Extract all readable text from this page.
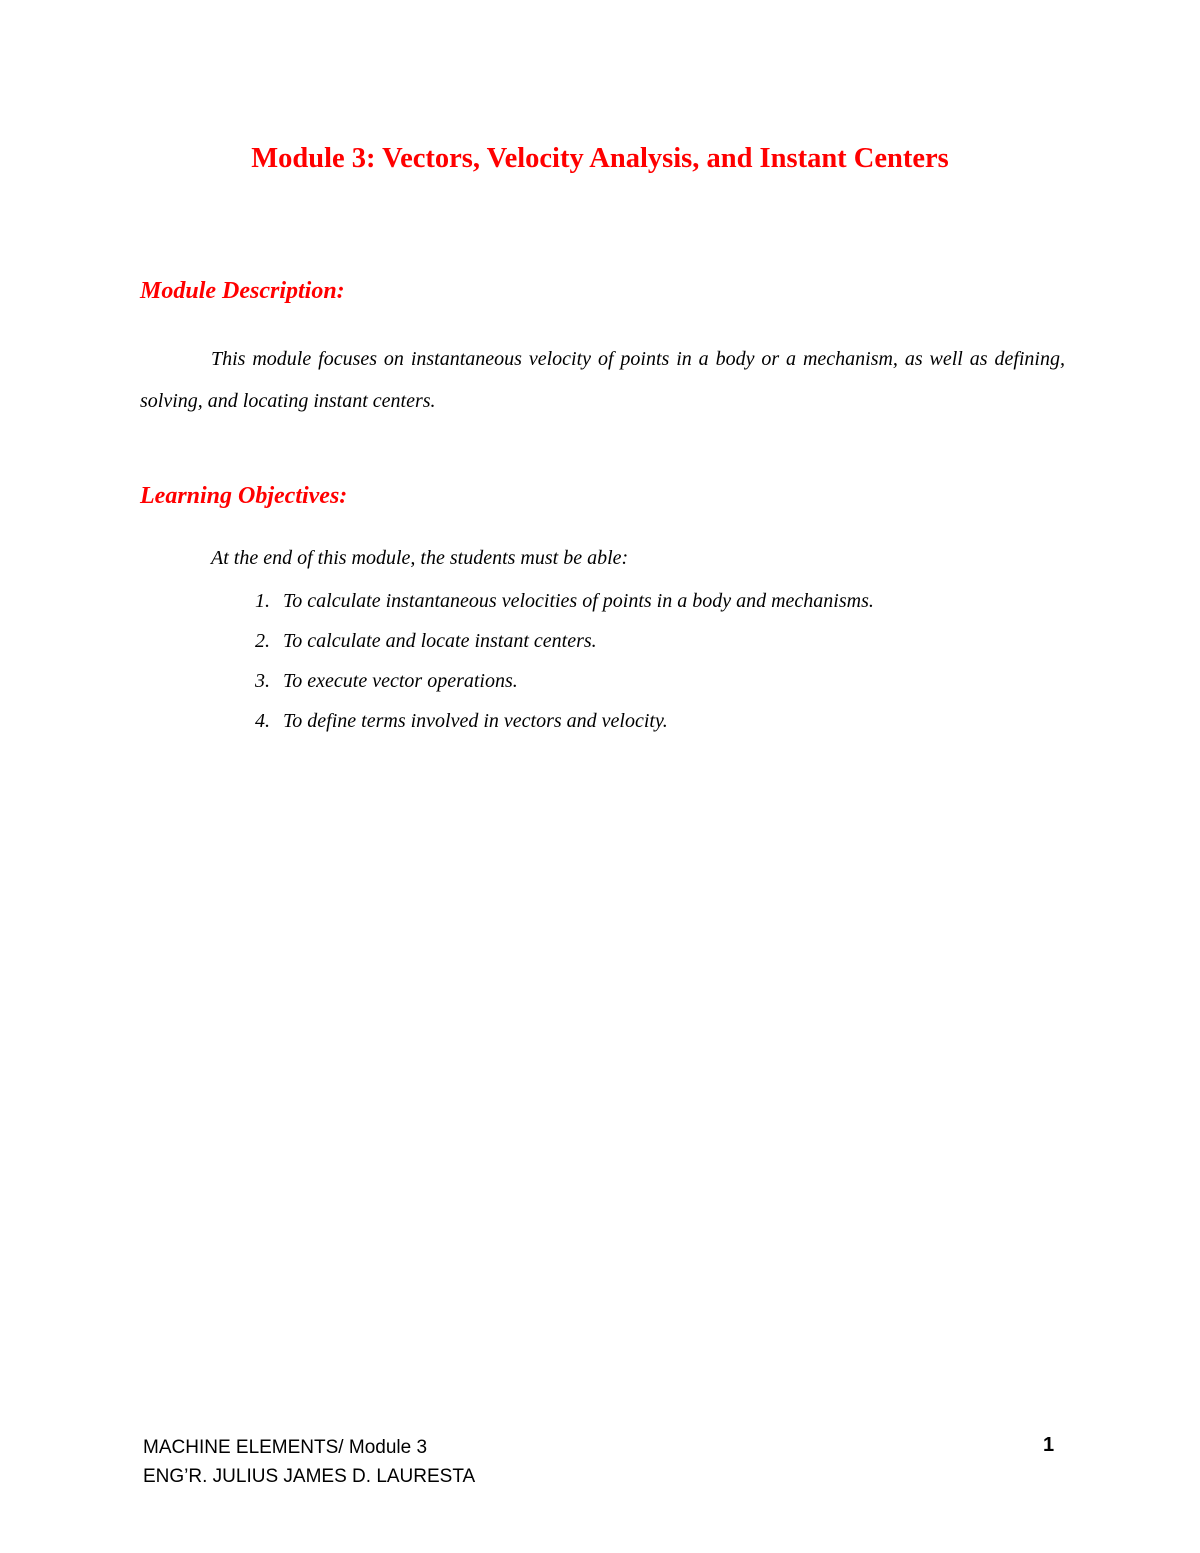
Module 3: Vectors, Velocity Analysis, and Instant Centers
Module Description:

This module focuses on instantaneous velocity of points in a body or a mechanism, as well as defining, solving, and locating instant centers.

Learning Objectives:

At the end of this module, the students must be able:

1. To calculate instantaneous velocities of points in a body and mechanisms.
2. To calculate and locate instant centers.
3. To execute vector operations.
4. To define terms involved in vectors and velocity.
MACHINE ELEMENTS/ Module 3
ENG’R. JULIUS JAMES D. LAURESTA
1
